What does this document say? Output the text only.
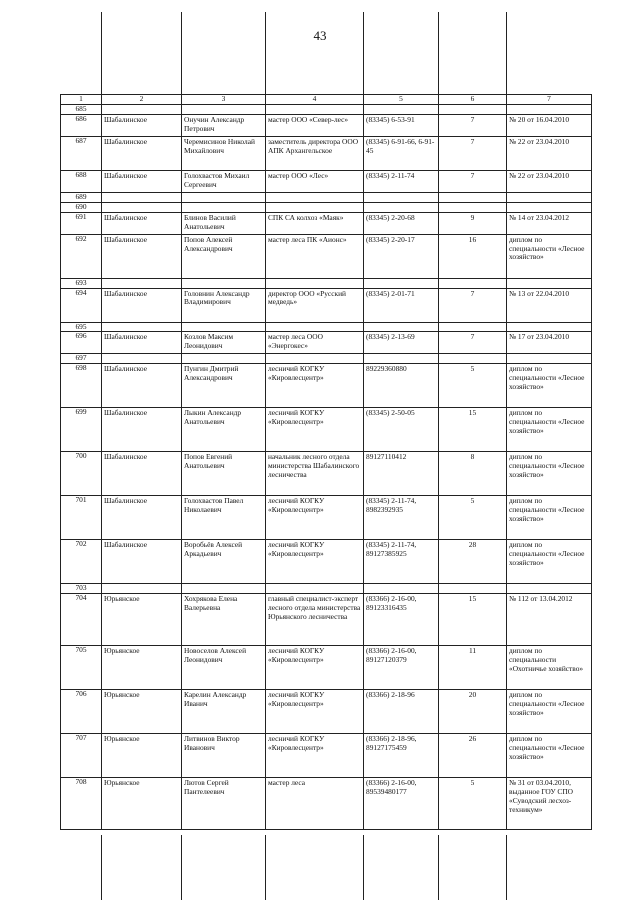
43
1	2	3	4	5	6	7
685						
686	Шабалинское	Онучин Александр Петрович	мастер ООО «Север-лес»	(83345) 6-53-91	7	№ 20 от 16.04.2010
687	Шабалинское	Черемисинов Николай Михайлович	заместитель директора ООО АПК Архангельское	(83345) 6-91-66, 6-91-45	7	№ 22 от 23.04.2010
688	Шабалинское	Голохвастов Михаил Сергеевич	мастер ООО «Лес»	(83345) 2-11-74	7	№ 22 от 23.04.2010
689						
690						
691	Шабалинское	Блинов Василий Анатольевич	СПК СА колхоз «Маяк»	(83345) 2-20-68	9	№ 14 от 23.04.2012
692	Шабалинское	Попов Алексей Александрович	мастер леса ПК «Аионс»	(83345) 2-20-17	16	диплом по специальности «Лесное хозяйство»
693						
694	Шабалинское	Головнин Александр Владимирович	директор ООО «Русский медведь»	(83345) 2-01-71	7	№ 13 от 22.04.2010
695						
696	Шабалинское	Козлов Максим Леонидович	мастер леса ООО «Энергокес»	(83345) 2-13-69	7	№ 17 от 23.04.2010
697						
698	Шабалинское	Пунгин Дмитрий Александрович	лесничий КОГКУ «Кировлесцентр»	89229360880	5	диплом по специальности «Лесное хозяйство»
699	Шабалинское	Лыкин Александр Анатольевич	лесничий КОГКУ «Кировлесцентр»	(83345) 2-50-05	15	диплом по специальности «Лесное хозяйство»
700	Шабалинское	Попов Евгений Анатольевич	начальник лесного отдела министерства Шабалинского лесничества	89127110412	8	диплом по специальности «Лесное хозяйство»
701	Шабалинское	Голохвастов Павел Николаевич	лесничий КОГКУ «Кировлесцентр»	(83345) 2-11-74, 8982392935	5	диплом по специальности «Лесное хозяйство»
702	Шабалинское	Воробьёв Алексей Аркадьевич	лесничий КОГКУ «Кировлесцентр»	(83345) 2-11-74, 89127385925	28	диплом по специальности «Лесное хозяйство»
703						
704	Юрьянское	Хохрякова Елена Валерьевна	главный специалист-эксперт лесного отдела министерства Юрьянского лесничества	(83366) 2-16-00, 89123316435	15	№ 112 от 13.04.2012
705	Юрьянское	Новоселов Алексей Леонидович	лесничий КОГКУ «Кировлесцентр»	(83366) 2-16-00, 89127120379	11	диплом по специальности «Охотничье хозяйство»
706	Юрьянское	Карелин Александр Иванич	лесничий КОГКУ «Кировлесцентр»	(83366) 2-18-96	20	диплом по специальности «Лесное хозяйство»
707	Юрьянское	Литвинов Виктор Иванович	лесничий КОГКУ «Кировлесцентр»	(83366) 2-18-96, 89127175459	26	диплом по специальности «Лесное хозяйство»
708	Юрьянское	Лютов Сергей Пантелеевич	мастер леса	(83366) 2-16-00, 89539480177	5	№ 31 от 03.04.2010, выданное ГОУ СПО «Суводский лесхоз-техникум»
